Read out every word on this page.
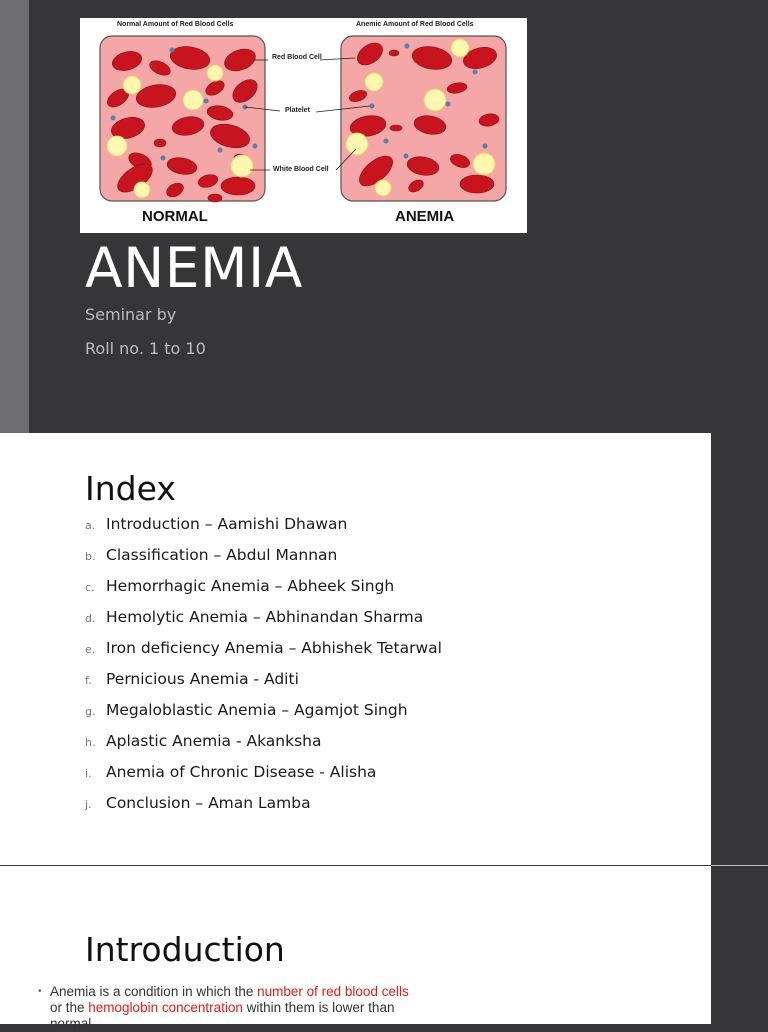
Normal Amount of Red Blood Cells	Anemic Amount of Red Blood Cells
Red Blood Cell
Platelet
White Blood Cell
NORMAL	ANEMIA
ANEMIA
Seminar by
Roll no. 1 to 10
Index
a. Introduction – Aamishi Dhawan
b. Classification – Abdul Mannan
c. Hemorrhagic Anemia – Abheek Singh
d. Hemolytic Anemia – Abhinandan Sharma
e. Iron deficiency Anemia – Abhishek Tetarwal
f. Pernicious Anemia - Aditi
g. Megaloblastic Anemia – Agamjot Singh
h. Aplastic Anemia - Akanksha
i. Anemia of Chronic Disease - Alisha
j. Conclusion – Aman Lamba
Introduction
• Anemia is a condition in which the number of red blood cells or the hemoglobin concentration within them is lower than normal
